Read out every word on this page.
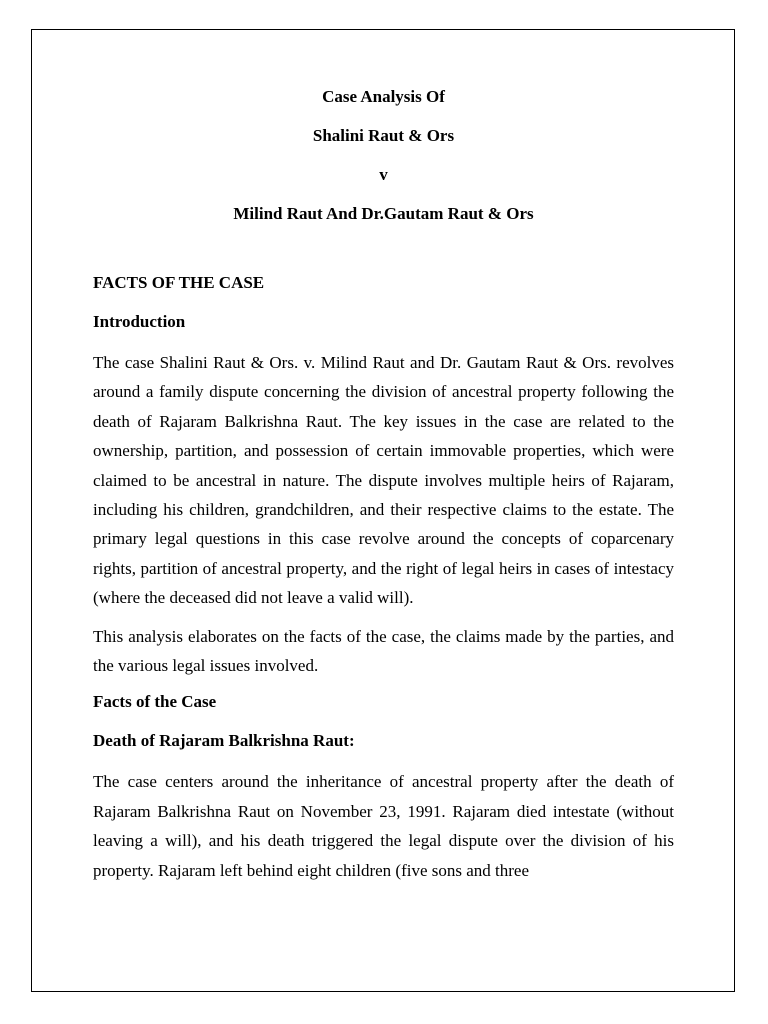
Case Analysis Of
Shalini Raut & Ors
v
Milind Raut And Dr.Gautam Raut & Ors
FACTS OF THE CASE
Introduction

The case Shalini Raut & Ors. v. Milind Raut and Dr. Gautam Raut & Ors. revolves around a family dispute concerning the division of ancestral property following the death of Rajaram Balkrishna Raut. The key issues in the case are related to the ownership, partition, and possession of certain immovable properties, which were claimed to be ancestral in nature. The dispute involves multiple heirs of Rajaram, including his children, grandchildren, and their respective claims to the estate. The primary legal questions in this case revolve around the concepts of coparcenary rights, partition of ancestral property, and the right of legal heirs in cases of intestacy (where the deceased did not leave a valid will).

This analysis elaborates on the facts of the case, the claims made by the parties, and the various legal issues involved.

Facts of the Case
Death of Rajaram Balkrishna Raut:

The case centers around the inheritance of ancestral property after the death of Rajaram Balkrishna Raut on November 23, 1991. Rajaram died intestate (without leaving a will), and his death triggered the legal dispute over the division of his property. Rajaram left behind eight children (five sons and three
